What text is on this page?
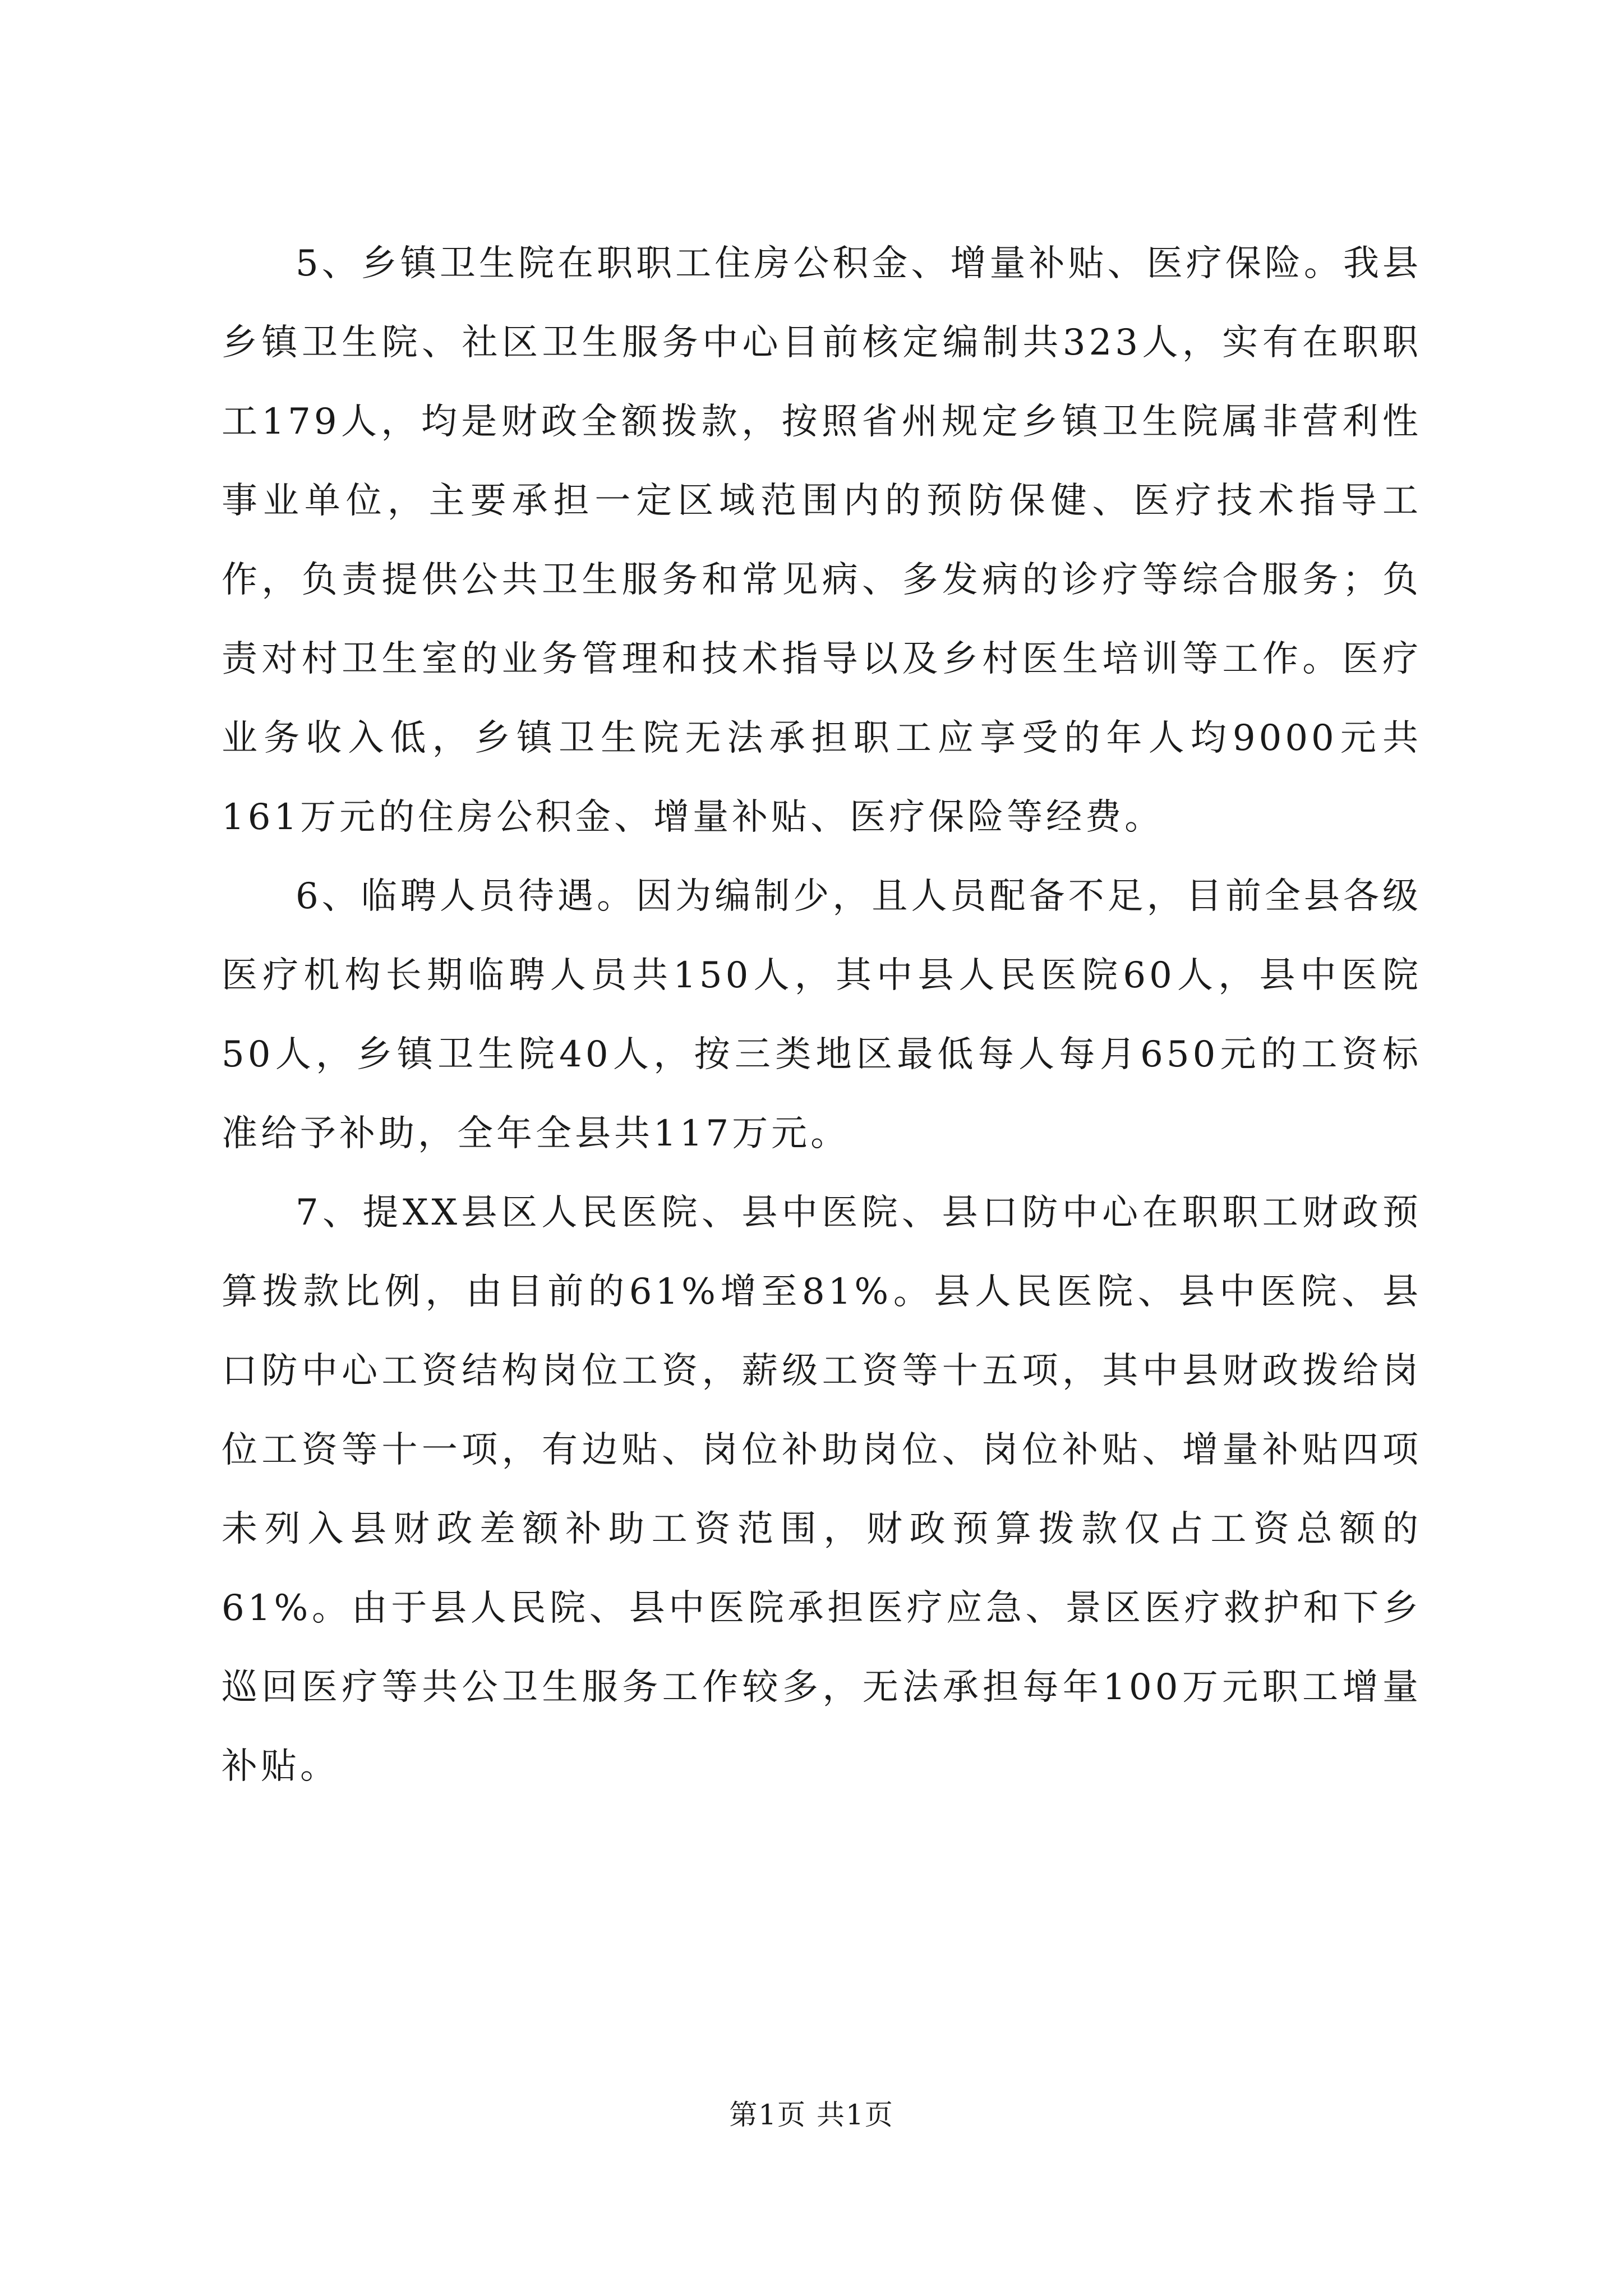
5、乡镇卫生院在职职工住房公积金、增量补贴、医疗保险。我县乡镇卫生院、社区卫生服务中心目前核定编制共323人，实有在职职工179人，均是财政全额拨款，按照省州规定乡镇卫生院属非营利性事业单位，主要承担一定区域范围内的预防保健、医疗技术指导工作，负责提供公共卫生服务和常见病、多发病的诊疗等综合服务；负责对村卫生室的业务管理和技术指导以及乡村医生培训等工作。医疗业务收入低，乡镇卫生院无法承担职工应享受的年人均9000元共161万元的住房公积金、增量补贴、医疗保险等经费。

6、临聘人员待遇。因为编制少，且人员配备不足，目前全县各级医疗机构长期临聘人员共150人，其中县人民医院60人，县中医院50人，乡镇卫生院40人，按三类地区最低每人每月650元的工资标准给予补助，全年全县共117万元。

7、提XX县区人民医院、县中医院、县口防中心在职职工财政预算拨款比例，由目前的61%增至81%。县人民医院、县中医院、县口防中心工资结构岗位工资，薪级工资等十五项，其中县财政拨给岗位工资等十一项，有边贴、岗位补助岗位、岗位补贴、增量补贴四项未列入县财政差额补助工资范围，财政预算拨款仅占工资总额的61%。由于县人民院、县中医院承担医疗应急、景区医疗救护和下乡巡回医疗等共公卫生服务工作较多，无法承担每年100万元职工增量补贴。

第1页 共1页
